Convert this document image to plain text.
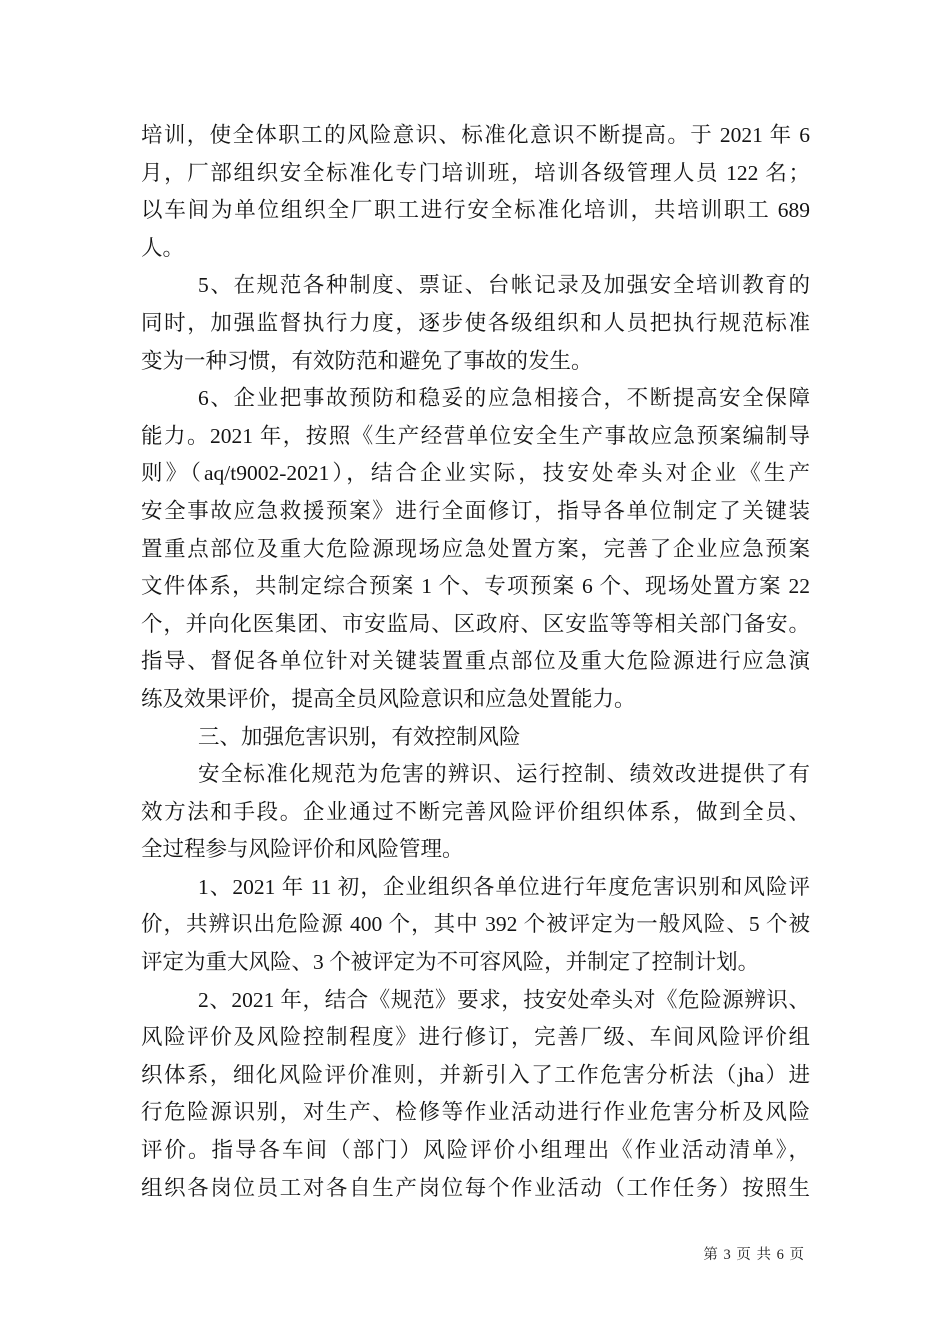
培训，使全体职工的风险意识、标准化意识不断提高。于 2021 年 6
月，厂部组织安全标准化专门培训班，培训各级管理人员 122 名；
以车间为单位组织全厂职工进行安全标准化培训，共培训职工 689
人。
5、在规范各种制度、票证、台帐记录及加强安全培训教育的
同时，加强监督执行力度，逐步使各级组织和人员把执行规范标准
变为一种习惯，有效防范和避免了事故的发生。
6、企业把事故预防和稳妥的应急相接合，不断提高安全保障
能力。2021 年，按照《生产经营单位安全生产事故应急预案编制导
则》（aq/t9002-2021），结合企业实际，技安处牵头对企业《生产
安全事故应急救援预案》进行全面修订，指导各单位制定了关键装
置重点部位及重大危险源现场应急处置方案，完善了企业应急预案
文件体系，共制定综合预案 1 个、专项预案 6 个、现场处置方案 22
个，并向化医集团、市安监局、区政府、区安监等等相关部门备安。
指导、督促各单位针对关键装置重点部位及重大危险源进行应急演
练及效果评价，提高全员风险意识和应急处置能力。
三、加强危害识别，有效控制风险
安全标准化规范为危害的辨识、运行控制、绩效改进提供了有
效方法和手段。企业通过不断完善风险评价组织体系，做到全员、
全过程参与风险评价和风险管理。
1、2021 年 11 初，企业组织各单位进行年度危害识别和风险评
价，共辨识出危险源 400 个，其中 392 个被评定为一般风险、5 个被
评定为重大风险、3 个被评定为不可容风险，并制定了控制计划。
2、2021 年，结合《规范》要求，技安处牵头对《危险源辨识、
风险评价及风险控制程度》进行修订，完善厂级、车间风险评价组
织体系，细化风险评价准则，并新引入了工作危害分析法（jha）进
行危险源识别，对生产、检修等作业活动进行作业危害分析及风险
评价。指导各车间（部门）风险评价小组理出《作业活动清单》，
组织各岗位员工对各自生产岗位每个作业活动（工作任务）按照生
第 3 页 共 6 页
